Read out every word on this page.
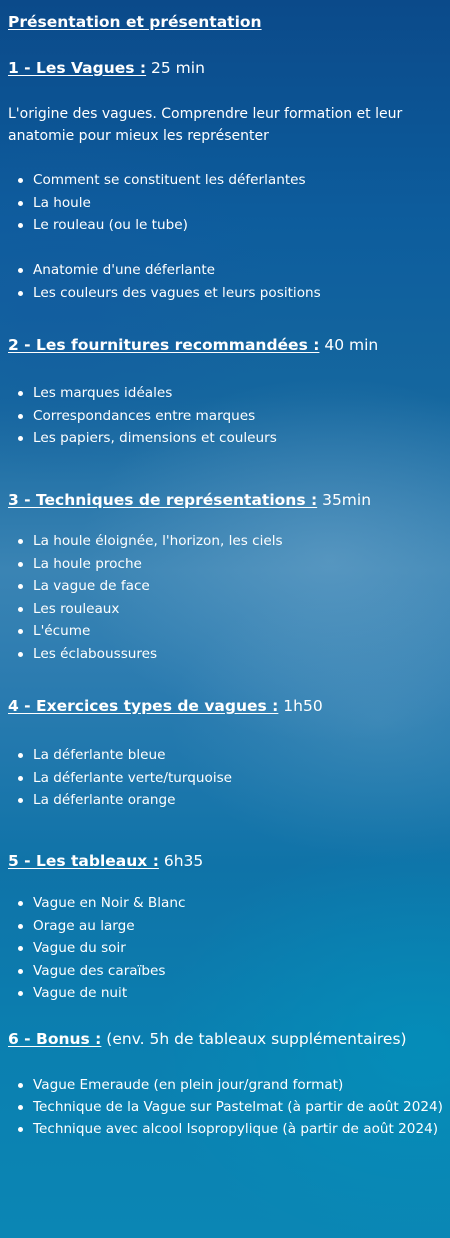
Présentation et présentation
1 - Les Vagues : 25 min
L'origine des vagues. Comprendre leur formation et leur anatomie pour mieux les représenter
Comment se constituent les déferlantes
La houle
Le rouleau (ou le tube)
Anatomie d'une déferlante
Les couleurs des vagues et leurs positions
2 - Les fournitures recommandées : 40 min
Les marques idéales
Correspondances entre marques
Les papiers, dimensions et couleurs
3 - Techniques de représentations : 35min
La houle éloignée, l'horizon, les ciels
La houle proche
La vague de face
Les rouleaux
L'écume
Les éclaboussures
4 - Exercices types de vagues : 1h50
La déferlante bleue
La déferlante verte/turquoise
La déferlante orange
5 - Les tableaux : 6h35
Vague en Noir & Blanc
Orage au large
Vague du soir
Vague des caraïbes
Vague de nuit
6 - Bonus : (env. 5h de tableaux supplémentaires)
Vague Emeraude (en plein jour/grand format)
Technique de la Vague sur Pastelmat (à partir de août 2024)
Technique avec alcool Isopropylique (à partir de août 2024)
